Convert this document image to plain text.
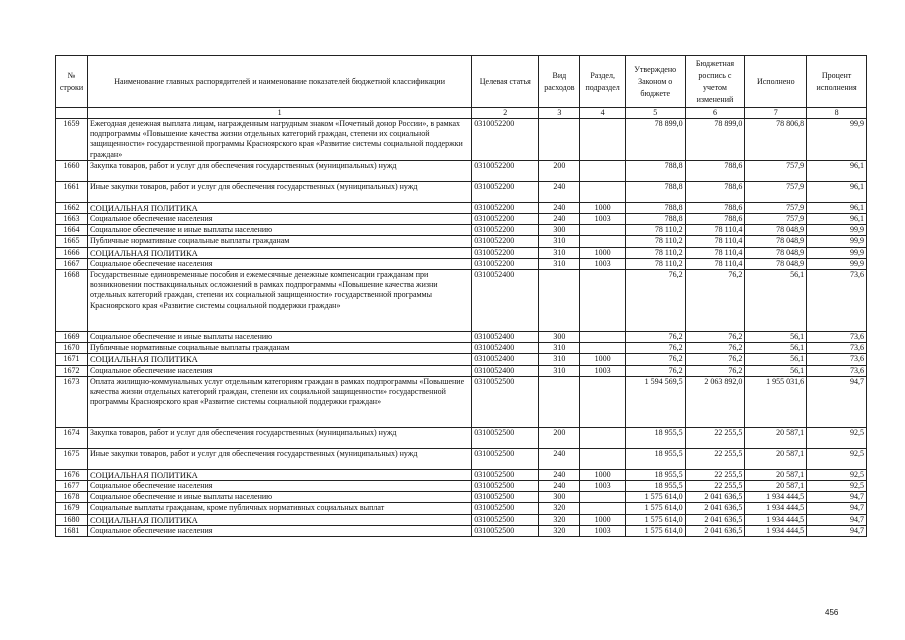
№ строки	Наименование главных распорядителей и наименование показателей бюджетной классификации	Целевая статья	Вид расходов	Раздел, подраздел	Утверждено Законом о бюджете	Бюджетная роспись с учетом изменений	Исполнено	Процент исполнения
	1	2	3	4	5	6	7	8
1659	Ежегодная денежная выплата лицам, награжденным нагрудным знаком «Почетный донор России», в рамках подпрограммы «Повышение качества жизни отдельных категорий граждан, степени их социальной защищенности» государственной программы Красноярского края «Развитие системы социальной поддержки граждан»	0310052200			78 899,0	78 899,0	78 806,8	99,9
1660	Закупка товаров, работ и услуг для обеспечения государственных (муниципальных) нужд	0310052200	200		788,8	788,6	757,9	96,1
1661	Иные закупки товаров, работ и услуг для обеспечения государственных (муниципальных) нужд	0310052200	240		788,8	788,6	757,9	96,1
1662	СОЦИАЛЬНАЯ ПОЛИТИКА	0310052200	240	1000	788,8	788,6	757,9	96,1
1663	Социальное обеспечение населения	0310052200	240	1003	788,8	788,6	757,9	96,1
1664	Социальное обеспечение и иные выплаты населению	0310052200	300		78 110,2	78 110,4	78 048,9	99,9
1665	Публичные нормативные социальные выплаты гражданам	0310052200	310		78 110,2	78 110,4	78 048,9	99,9
1666	СОЦИАЛЬНАЯ ПОЛИТИКА	0310052200	310	1000	78 110,2	78 110,4	78 048,9	99,9
1667	Социальное обеспечение населения	0310052200	310	1003	78 110,2	78 110,4	78 048,9	99,9
1668	Государственные единовременные пособия и ежемесячные денежные компенсации гражданам при возникновении поствакцинальных осложнений в рамках подпрограммы «Повышение качества жизни отдельных категорий граждан, степени их социальной защищенности» государственной программы Красноярского края «Развитие системы социальной поддержки граждан»	0310052400			76,2	76,2	56,1	73,6
1669	Социальное обеспечение и иные выплаты населению	0310052400	300		76,2	76,2	56,1	73,6
1670	Публичные нормативные социальные выплаты гражданам	0310052400	310		76,2	76,2	56,1	73,6
1671	СОЦИАЛЬНАЯ ПОЛИТИКА	0310052400	310	1000	76,2	76,2	56,1	73,6
1672	Социальное обеспечение населения	0310052400	310	1003	76,2	76,2	56,1	73,6
1673	Оплата жилищно-коммунальных услуг отдельным категориям граждан в рамках подпрограммы «Повышение качества жизни отдельных категорий граждан, степени их социальной защищенности» государственной программы Красноярского края «Развитие системы социальной поддержки граждан»	0310052500			1 594 569,5	2 063 892,0	1 955 031,6	94,7
1674	Закупка товаров, работ и услуг для обеспечения государственных (муниципальных) нужд	0310052500	200		18 955,5	22 255,5	20 587,1	92,5
1675	Иные закупки товаров, работ и услуг для обеспечения государственных (муниципальных) нужд	0310052500	240		18 955,5	22 255,5	20 587,1	92,5
1676	СОЦИАЛЬНАЯ ПОЛИТИКА	0310052500	240	1000	18 955,5	22 255,5	20 587,1	92,5
1677	Социальное обеспечение населения	0310052500	240	1003	18 955,5	22 255,5	20 587,1	92,5
1678	Социальное обеспечение и иные выплаты населению	0310052500	300		1 575 614,0	2 041 636,5	1 934 444,5	94,7
1679	Социальные выплаты гражданам, кроме публичных нормативных социальных выплат	0310052500	320		1 575 614,0	2 041 636,5	1 934 444,5	94,7
1680	СОЦИАЛЬНАЯ ПОЛИТИКА	0310052500	320	1000	1 575 614,0	2 041 636,5	1 934 444,5	94,7
1681	Социальное обеспечение населения	0310052500	320	1003	1 575 614,0	2 041 636,5	1 934 444,5	94,7
456
